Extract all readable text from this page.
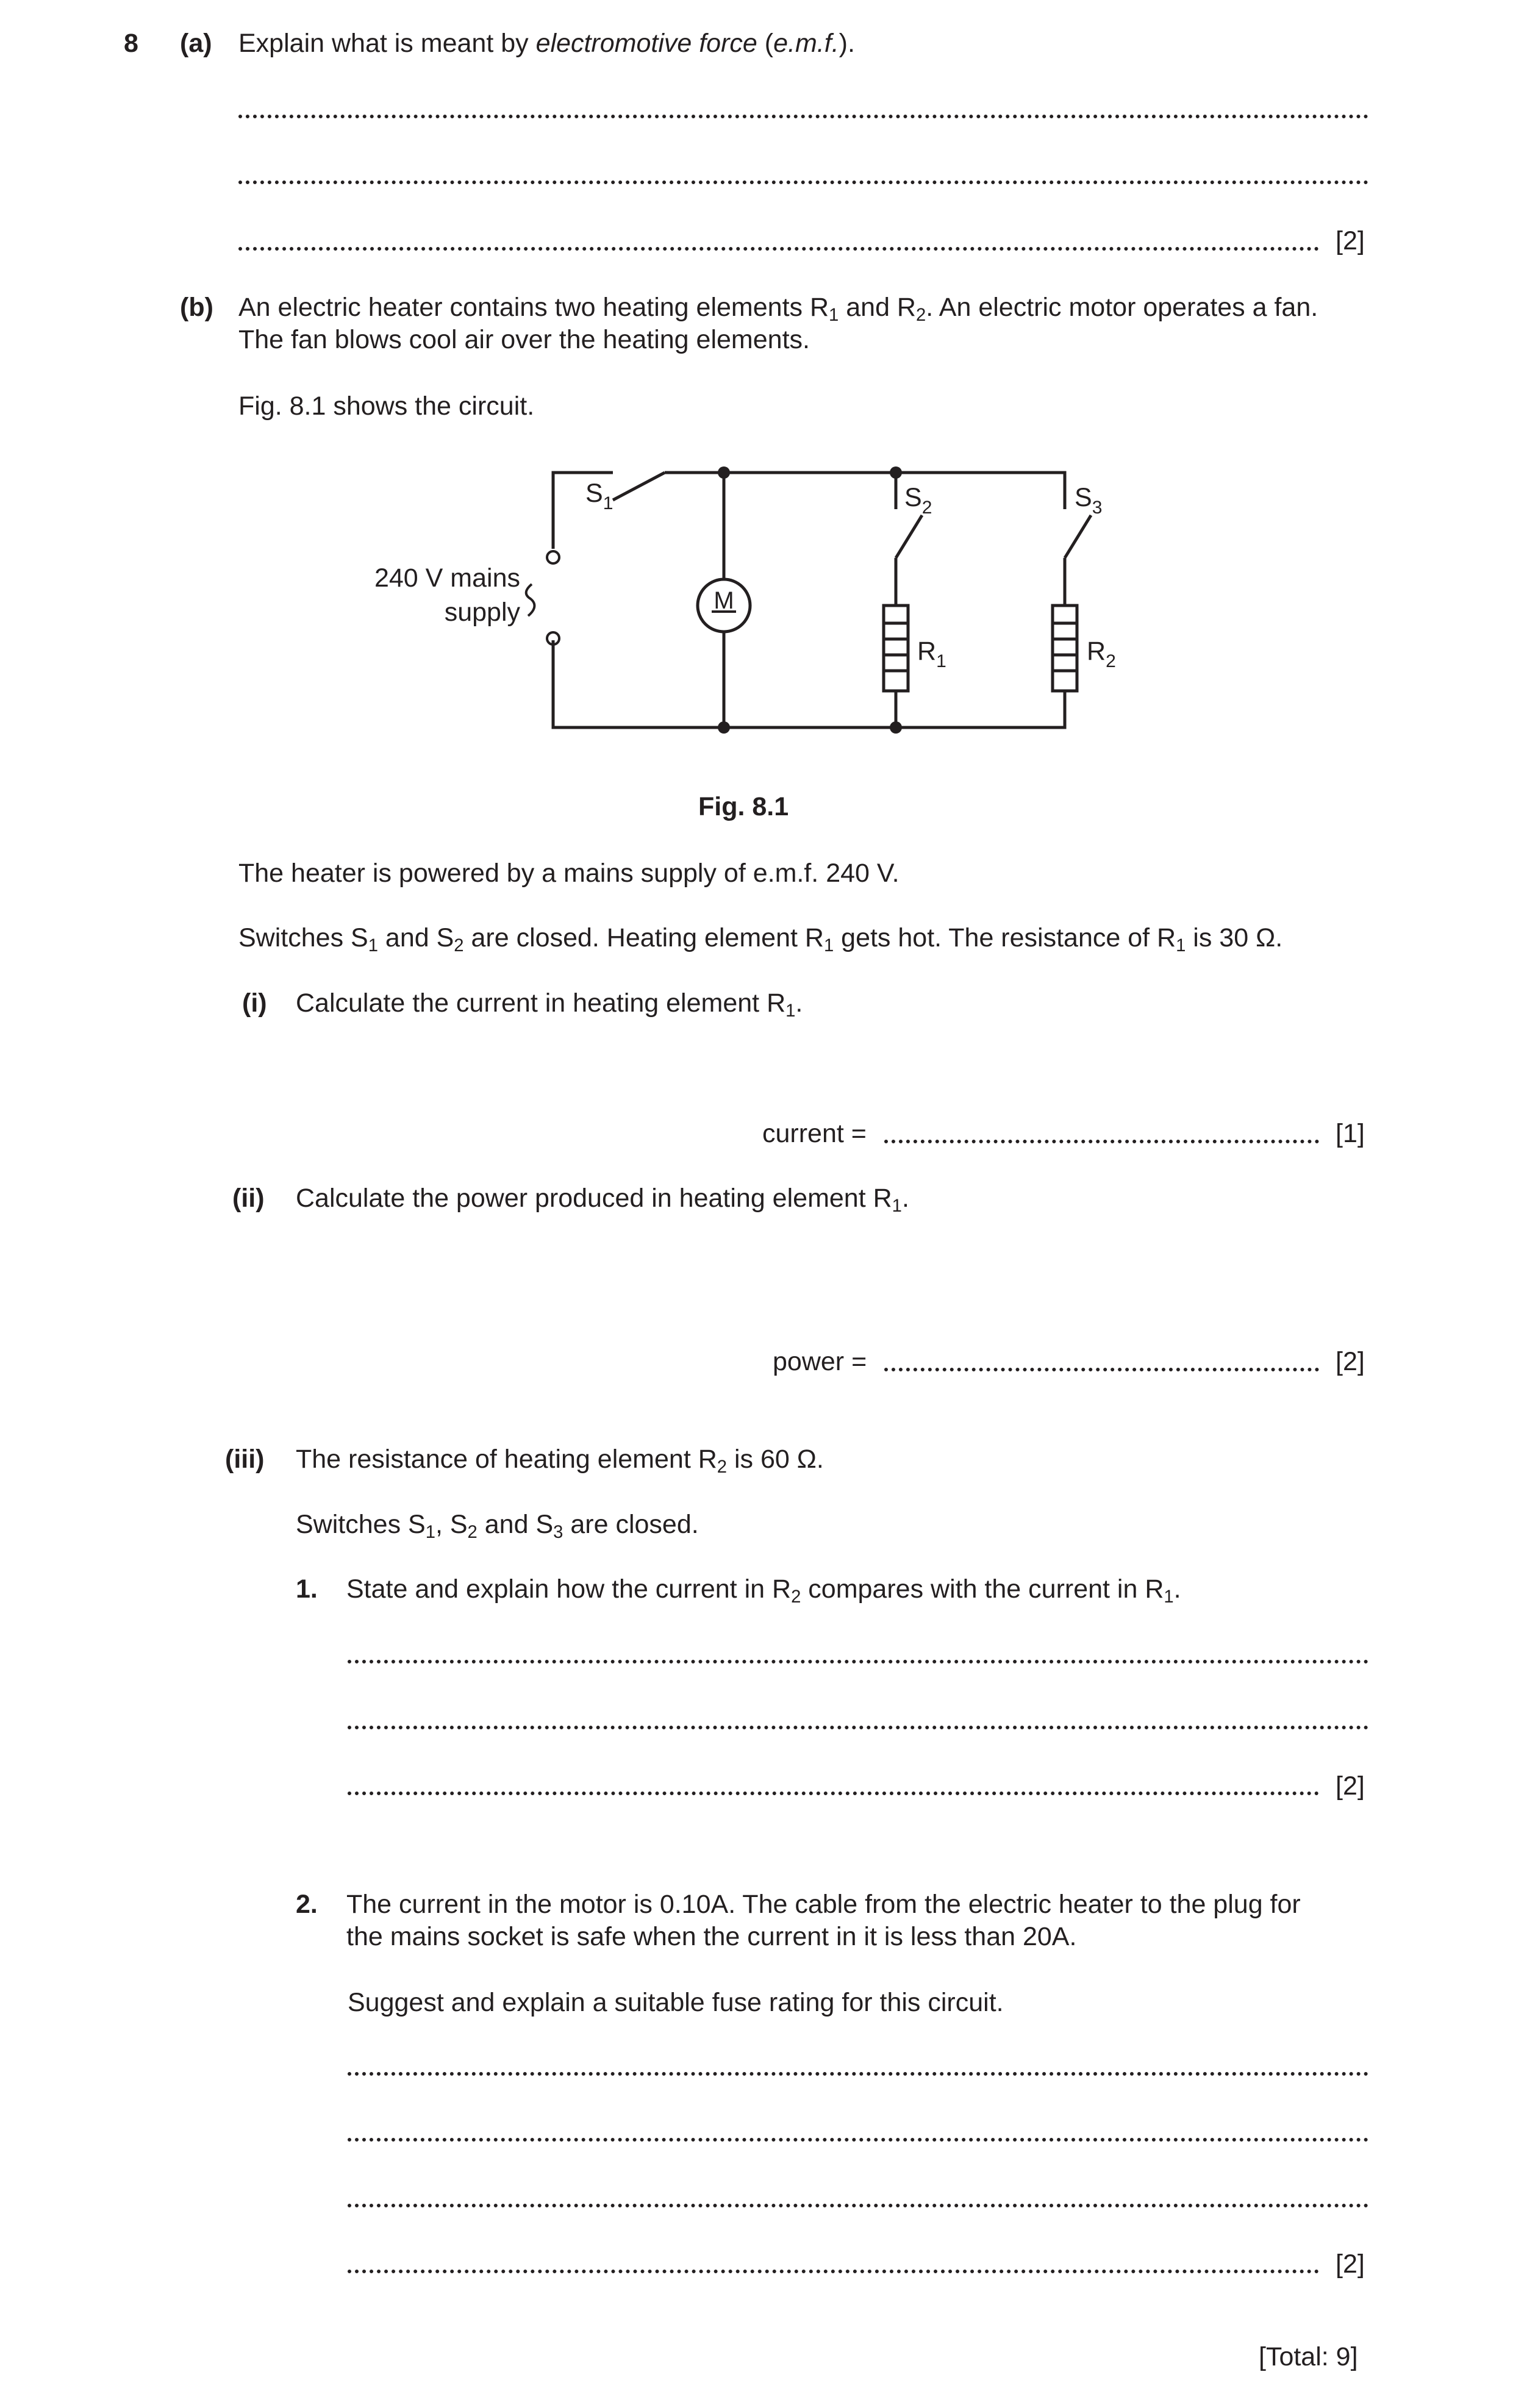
8 (a) Explain what is meant by electromotive force (e.m.f.).
[2]
(b) An electric heater contains two heating elements $R_1$ and $R_2$. An electric motor operates a fan.
The fan blows cool air over the heating elements.
Fig. 8.1 shows the circuit.
$S_1$	$S_2$	$S_3$
$R_1$	$R_2$
M
240 V mains
supply
Fig. 8.1
The heater is powered by a mains supply of e.m.f. 240 V.
Switches $S_1$ and $S_2$ are closed. Heating element $R_1$ gets hot. The resistance of $R_1$ is 30 Ω.
(i) Calculate the current in heating element $R_1$.
current =	[1]
(ii) Calculate the power produced in heating element $R_1$.
power =	[2]
(iii) The resistance of heating element $R_2$ is 60 Ω.
Switches $S_1$, $S_2$ and $S_3$ are closed.
1. State and explain how the current in $R_2$ compares with the current in $R_1$.
[2]
2. The current in the motor is 0.10A. The cable from the electric heater to the plug for
the mains socket is safe when the current in it is less than 20A.
Suggest and explain a suitable fuse rating for this circuit.
[2]
[Total: 9]
